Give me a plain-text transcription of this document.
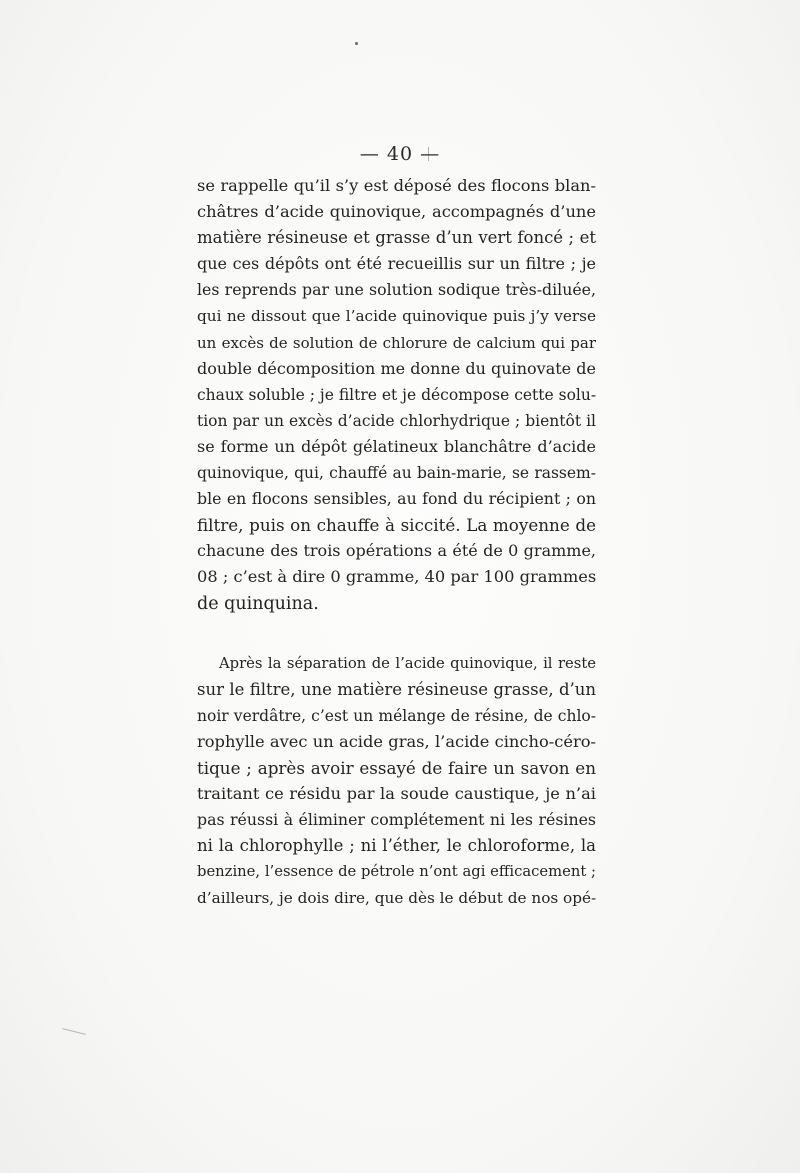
— 40 —
se rappelle qu’il s’y est déposé des flocons blan-
châtres d’acide quinovique, accompagnés d’une
matière résineuse et grasse d’un vert foncé ; et
que ces dépôts ont été recueillis sur un filtre ; je
les reprends par une solution sodique très-diluée,
qui ne dissout que l’acide quinovique puis j’y verse
un excès de solution de chlorure de calcium qui par
double décomposition me donne du quinovate de
chaux soluble ; je filtre et je décompose cette solu-
tion par un excès d’acide chlorhydrique ; bientôt il
se forme un dépôt gélatineux blanchâtre d’acide
quinovique, qui, chauffé au bain-marie, se rassem-
ble en flocons sensibles, au fond du récipient ; on
filtre, puis on chauffe à siccité. La moyenne de
chacune des trois opérations a été de 0 gramme,
08 ; c’est à dire 0 gramme, 40 par 100 grammes
de quinquina.
Après la séparation de l’acide quinovique, il reste
sur le filtre, une matière résineuse grasse, d’un
noir verdâtre, c’est un mélange de résine, de chlo-
rophylle avec un acide gras, l’acide cincho-céro-
tique ; après avoir essayé de faire un savon en
traitant ce résidu par la soude caustique, je n’ai
pas réussi à éliminer complétement ni les résines
ni la chlorophylle ; ni l’éther, le chloroforme, la
benzine, l’essence de pétrole n’ont agi efficacement ;
d’ailleurs, je dois dire, que dès le début de nos opé-
